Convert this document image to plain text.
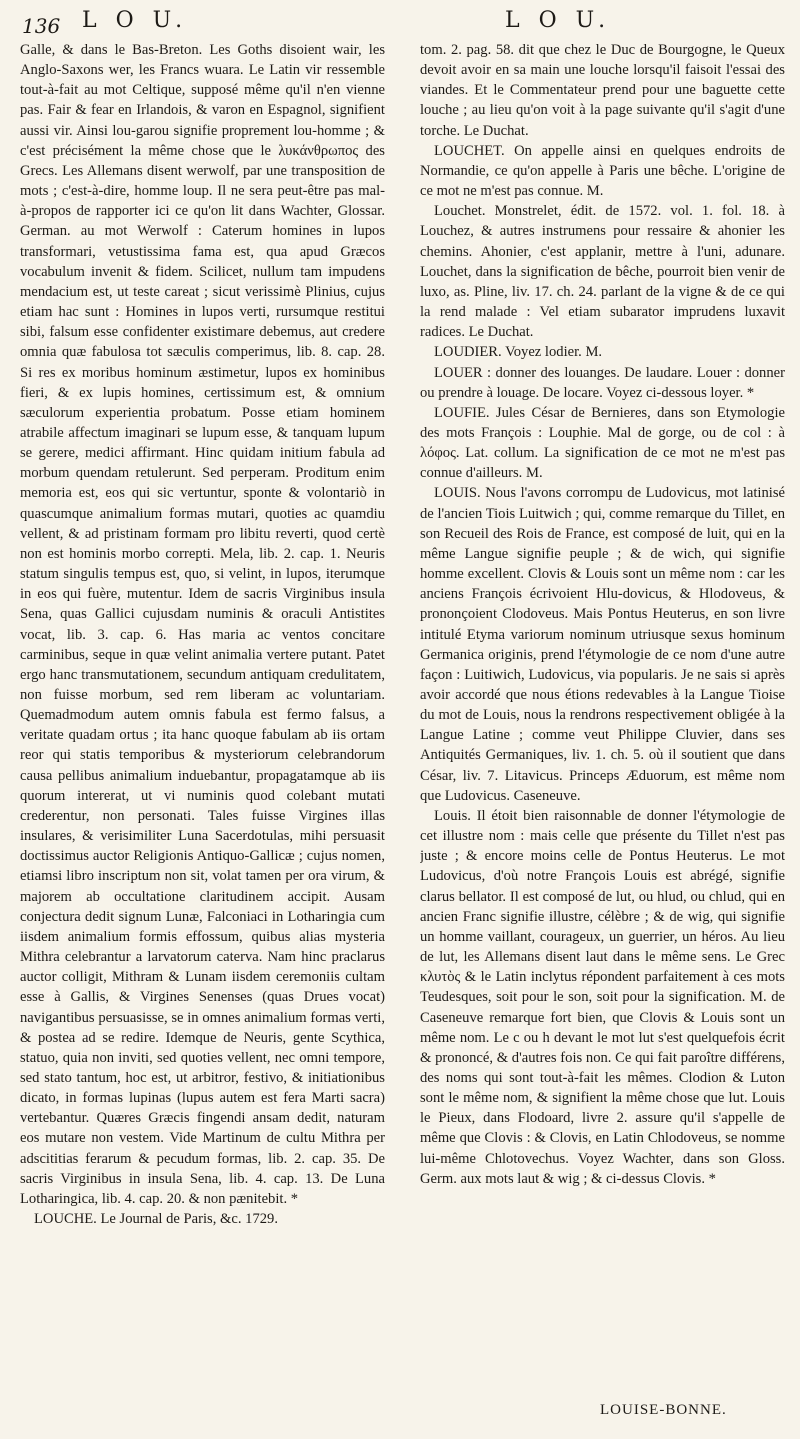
136 L O U.	L O U.

Galle, & dans le Bas-Breton. Les Goths disoient wair, les Anglo-Saxons wer, les Francs wuara. Le Latin vir ressemble tout-à-fait au mot Celtique, supposé même qu'il n'en vienne pas. Fair & fear en Irlandois, & varon en Espagnol, signifient aussi vir. Ainsi lou-garou signifie proprement lou-homme ; & c'est précisément la même chose que le λυκάνθρωπος des Grecs. Les Allemans disent werwolf, par une transposition de mots ; c'est-à-dire, homme loup. Il ne sera peut-être pas mal-à-propos de rapporter ici ce qu'on lit dans Wachter, Glossar. German. au mot Werwolf : Caterum homines in lupos transformari, vetustissima fama est, qua apud Græcos vocabulum invenit & fidem. Scilicet, nullum tam impudens mendacium est, ut teste careat ; sicut verissimè Plinius, cujus etiam hac sunt : Homines in lupos verti, rursumque restitui sibi, falsum esse confidenter existimare debemus, aut credere omnia quæ fabulosa tot sæculis comperimus, lib. 8. cap. 28. Si res ex moribus hominum æstimetur, lupos ex hominibus fieri, & ex lupis homines, certissimum est, & omnium sæculorum experientia probatum. Posse etiam hominem atrabile affectum imaginari se lupum esse, & tanquam lupum se gerere, medici affirmant. Hinc quidam initium fabula ad morbum quendam retulerunt. Sed perperam. Proditum enim memoria est, eos qui sic vertuntur, sponte & volontariò in quascumque animalium formas mutari, quoties ac quamdiu vellent, & ad pristinam formam pro libitu reverti, quod certè non est hominis morbo correpti. Mela, lib. 2. cap. 1. Neuris statum singulis tempus est, quo, si velint, in lupos, iterumque in eos qui fuère, mutentur. Idem de sacris Virginibus insula Sena, quas Gallici cujusdam numinis & oraculi Antistites vocat, lib. 3. cap. 6. Has maria ac ventos concitare carminibus, seque in quæ velint animalia vertere putant. Patet ergo hanc transmutationem, secundum antiquam credulitatem, non fuisse morbum, sed rem liberam ac voluntariam. Quemadmodum autem omnis fabula est fermo falsus, a veritate quadam ortus ; ita hanc quoque fabulam ab iis ortam reor qui statis temporibus & mysteriorum celebrandorum causa pellibus animalium induebantur, propagatamque ab iis quorum intererat, ut vi numinis quod colebant mutati crederentur, non personati. Tales fuisse Virgines illas insulares, & verisimiliter Luna Sacerdotulas, mihi persuasit doctissimus auctor Religionis Antiquo-Gallicæ ; cujus nomen, etiamsi libro inscriptum non sit, volat tamen per ora virum, & majorem ab occultatione claritudinem accipit. Ausam conjectura dedit signum Lunæ, Falconiaci in Lotharingia cum iisdem animalium formis effossum, quibus alias mysteria Mithra celebrantur a larvatorum caterva. Nam hinc praclarus auctor colligit, Mithram & Lunam iisdem ceremoniis cultam esse à Gallis, & Virgines Senenses (quas Drues vocat) navigantibus persuasisse, se in omnes animalium formas verti, & postea ad se redire. Idemque de Neuris, gente Scythica, statuo, quia non inviti, sed quoties vellent, nec omni tempore, sed stato tantum, hoc est, ut arbitror, festivo, & initiationibus dicato, in formas lupinas (lupus autem est fera Marti sacra) vertebantur. Quæres Græcis fingendi ansam dedit, naturam eos mutare non vestem. Vide Martinum de cultu Mithra per adscititias ferarum & pecudum formas, lib. 2. cap. 35. De sacris Virginibus in insula Sena, lib. 4. cap. 13. De Luna Lotharingica, lib. 4. cap. 20. & non pænitebit. *

LOUCHE. Le Journal de Paris, &c. 1729.

tom. 2. pag. 58. dit que chez le Duc de Bourgogne, le Queux devoit avoir en sa main une louche lorsqu'il faisoit l'essai des viandes. Et le Commentateur prend pour une baguette cette louche ; au lieu qu'on voit à la page suivante qu'il s'agit d'une torche. Le Duchat.

LOUCHET. On appelle ainsi en quelques endroits de Normandie, ce qu'on appelle à Paris une bêche. L'origine de ce mot ne m'est pas connue. M.

Louchet. Monstrelet, édit. de 1572. vol. 1. fol. 18. à Louchez, & autres instrumens pour ressaire & ahonier les chemins. Ahonier, c'est applanir, mettre à l'uni, adunare. Louchet, dans la signification de bêche, pourroit bien venir de luxo, as. Pline, liv. 17. ch. 24. parlant de la vigne & de ce qui la rend malade : Vel etiam subarator imprudens luxavit radices. Le Duchat.

LOUDIER. Voyez lodier. M.

LOUER : donner des louanges. De laudare. Louer : donner ou prendre à louage. De locare. Voyez ci-dessous loyer. *

LOUFIE. Jules César de Bernieres, dans son Etymologie des mots François : Louphie. Mal de gorge, ou de col : à λόφος. Lat. collum. La signification de ce mot ne m'est pas connue d'ailleurs. M.

LOUIS. Nous l'avons corrompu de Ludovicus, mot latinisé de l'ancien Tiois Luitwich ; qui, comme remarque du Tillet, en son Recueil des Rois de France, est composé de luit, qui en la même Langue signifie peuple ; & de wich, qui signifie homme excellent. Clovis & Louis sont un même nom : car les anciens François écrivoient Hlu-dovicus, & Hlodoveus, & prononçoient Clodoveus. Mais Pontus Heuterus, en son livre intitulé Etyma variorum nominum utriusque sexus hominum Germanica originis, prend l'étymologie de ce nom d'une autre façon : Luitiwich, Ludovicus, via popularis. Je ne sais si après avoir accordé que nous étions redevables à la Langue Tioise du mot de Louis, nous la rendrons respectivement obligée à la Langue Latine ; comme veut Philippe Cluvier, dans ses Antiquités Germaniques, liv. 1. ch. 5. où il soutient que dans César, liv. 7. Litavicus. Princeps Æduorum, est même nom que Ludovicus. Caseneuve.

Louis. Il étoit bien raisonnable de donner l'étymologie de cet illustre nom : mais celle que présente du Tillet n'est pas juste ; & encore moins celle de Pontus Heuterus. Le mot Ludovicus, d'où notre François Louis est abrégé, signifie clarus bellator. Il est composé de lut, ou hlud, ou chlud, qui en ancien Franc signifie illustre, célèbre ; & de wig, qui signifie un homme vaillant, courageux, un guerrier, un héros. Au lieu de lut, les Allemans disent laut dans le même sens. Le Grec κλυτὸς & le Latin inclytus répondent parfaitement à ces mots Teudesques, soit pour le son, soit pour la signification. M. de Caseneuve remarque fort bien, que Clovis & Louis sont un même nom. Le c ou h devant le mot lut s'est quelquefois écrit & prononcé, & d'autres fois non. Ce qui fait paroître différens, des noms qui sont tout-à-fait les mêmes. Clodion & Luton sont le même nom, & signifient la même chose que lut. Louis le Pieux, dans Flodoard, livre 2. assure qu'il s'appelle de même que Clovis : & Clovis, en Latin Chlodoveus, se nomme lui-même Chlotovechus. Voyez Wachter, dans son Gloss. Germ. aux mots laut & wig ; & ci-dessus Clovis. *

LOUISE-BONNE.
